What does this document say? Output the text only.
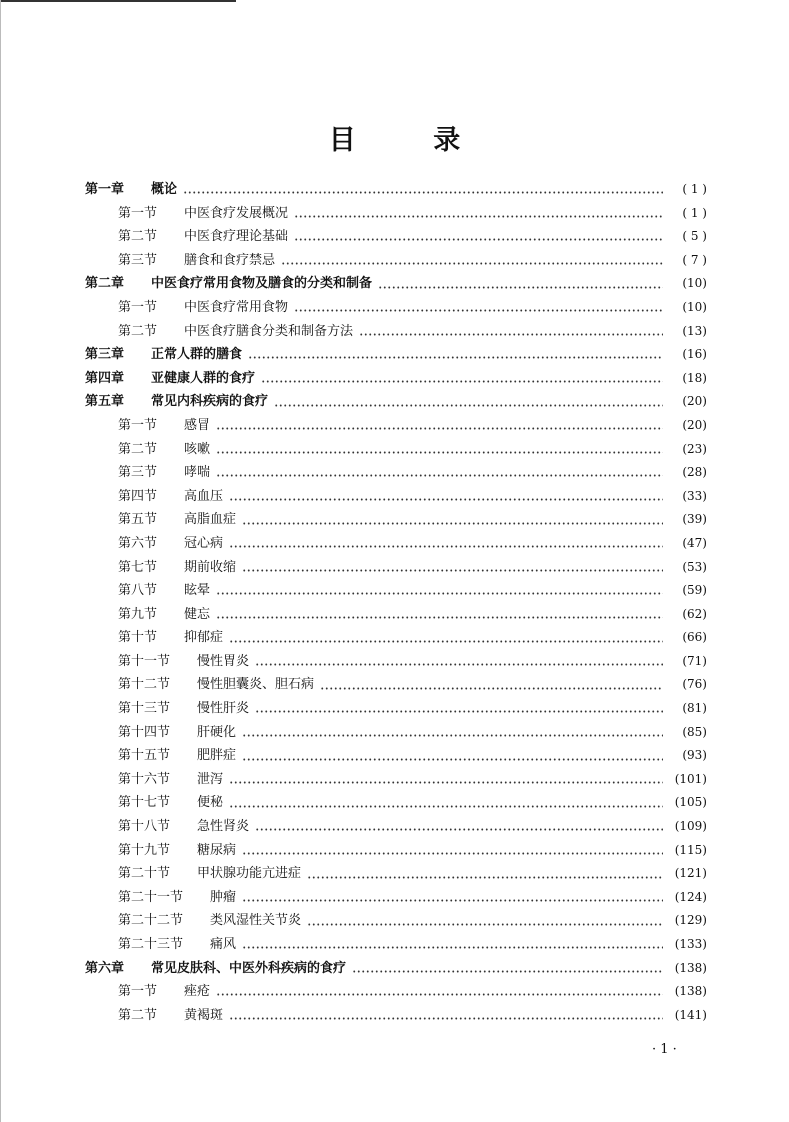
目 录
第一章	概论	( 1 )
第一节	中医食疗发展概况	( 1 )
第二节	中医食疗理论基础	( 5 )
第三节	膳食和食疗禁忌	( 7 )
第二章	中医食疗常用食物及膳食的分类和制备	(10)
第一节	中医食疗常用食物	(10)
第二节	中医食疗膳食分类和制备方法	(13)
第三章	正常人群的膳食	(16)
第四章	亚健康人群的食疗	(18)
第五章	常见内科疾病的食疗	(20)
第一节	感冒	(20)
第二节	咳嗽	(23)
第三节	哮喘	(28)
第四节	高血压	(33)
第五节	高脂血症	(39)
第六节	冠心病	(47)
第七节	期前收缩	(53)
第八节	眩晕	(59)
第九节	健忘	(62)
第十节	抑郁症	(66)
第十一节	慢性胃炎	(71)
第十二节	慢性胆囊炎、胆石病	(76)
第十三节	慢性肝炎	(81)
第十四节	肝硬化	(85)
第十五节	肥胖症	(93)
第十六节	泄泻	(101)
第十七节	便秘	(105)
第十八节	急性肾炎	(109)
第十九节	糖尿病	(115)
第二十节	甲状腺功能亢进症	(121)
第二十一节	肿瘤	(124)
第二十二节	类风湿性关节炎	(129)
第二十三节	痛风	(133)
第六章	常见皮肤科、中医外科疾病的食疗	(138)
第一节	痤疮	(138)
第二节	黄褐斑	(141)
· 1 ·
